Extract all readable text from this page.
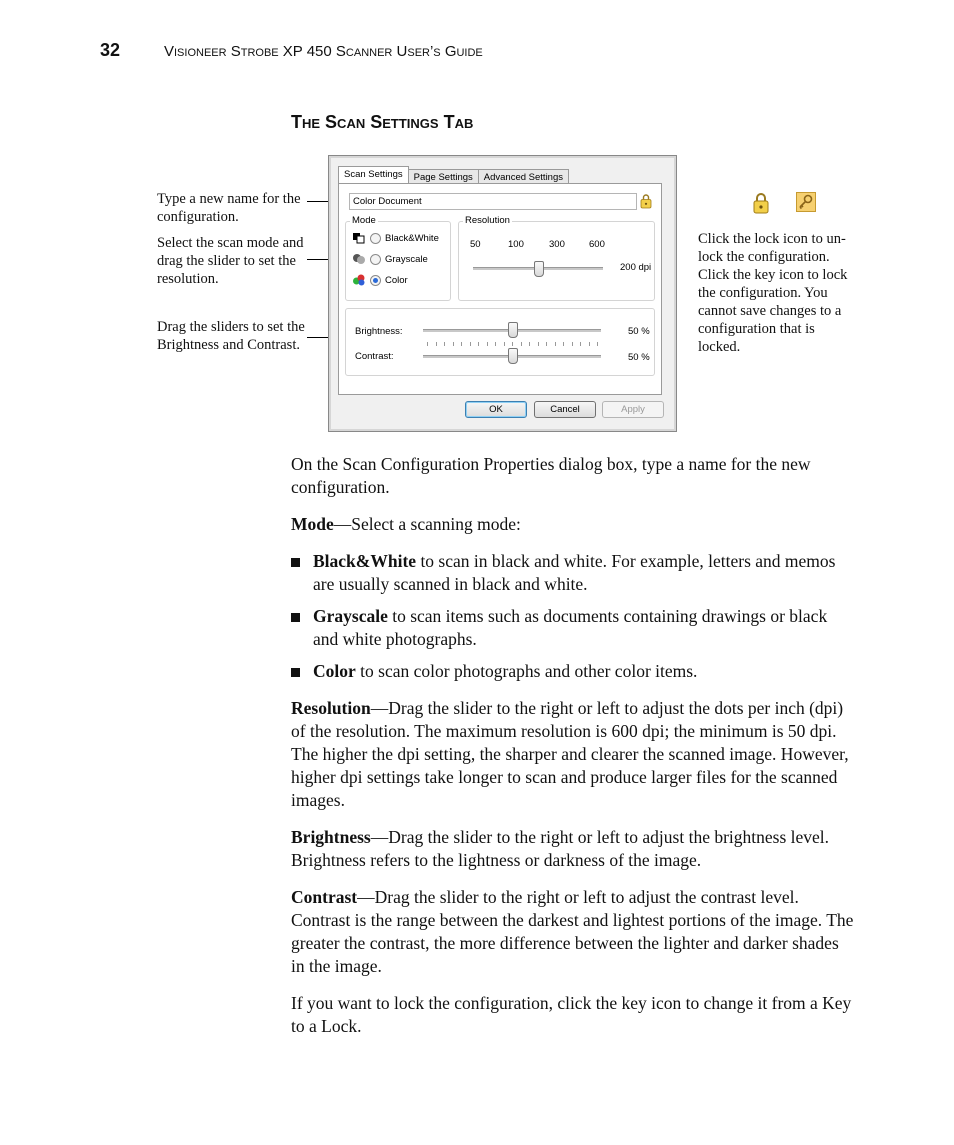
32	Visioneer Strobe XP 450 Scanner User’s Guide
The Scan Settings Tab
Type a new name for the configuration.
Select the scan mode and drag the slider to set the resolution.
Drag the sliders to set the Brightness and Contrast.
Click the lock icon to un-lock the configuration. Click the key icon to lock the configuration. You cannot save changes to a configuration that is locked.
Scan Settings	Page Settings	Advanced Settings
Color Document
Mode
Black&White
Grayscale
Color
Resolution
50	100	300	600
200 dpi
Brightness:	50 %
Contrast:	50 %
OK	Cancel	Apply

On the Scan Configuration Properties dialog box, type a name for the new configuration.

Mode—Select a scanning mode:

Black&White to scan in black and white. For example, letters and memos are usually scanned in black and white.
Grayscale to scan items such as documents containing drawings or black and white photographs.
Color to scan color photographs and other color items.

Resolution—Drag the slider to the right or left to adjust the dots per inch (dpi) of the resolution. The maximum resolution is 600 dpi; the minimum is 50 dpi. The higher the dpi setting, the sharper and clearer the scanned image. However, higher dpi settings take longer to scan and produce larger files for the scanned images.

Brightness—Drag the slider to the right or left to adjust the brightness level. Brightness refers to the lightness or darkness of the image.

Contrast—Drag the slider to the right or left to adjust the contrast level. Contrast is the range between the darkest and lightest portions of the image. The greater the contrast, the more difference between the lighter and darker shades in the image.

If you want to lock the configuration, click the key icon to change it from a Key to a Lock.
